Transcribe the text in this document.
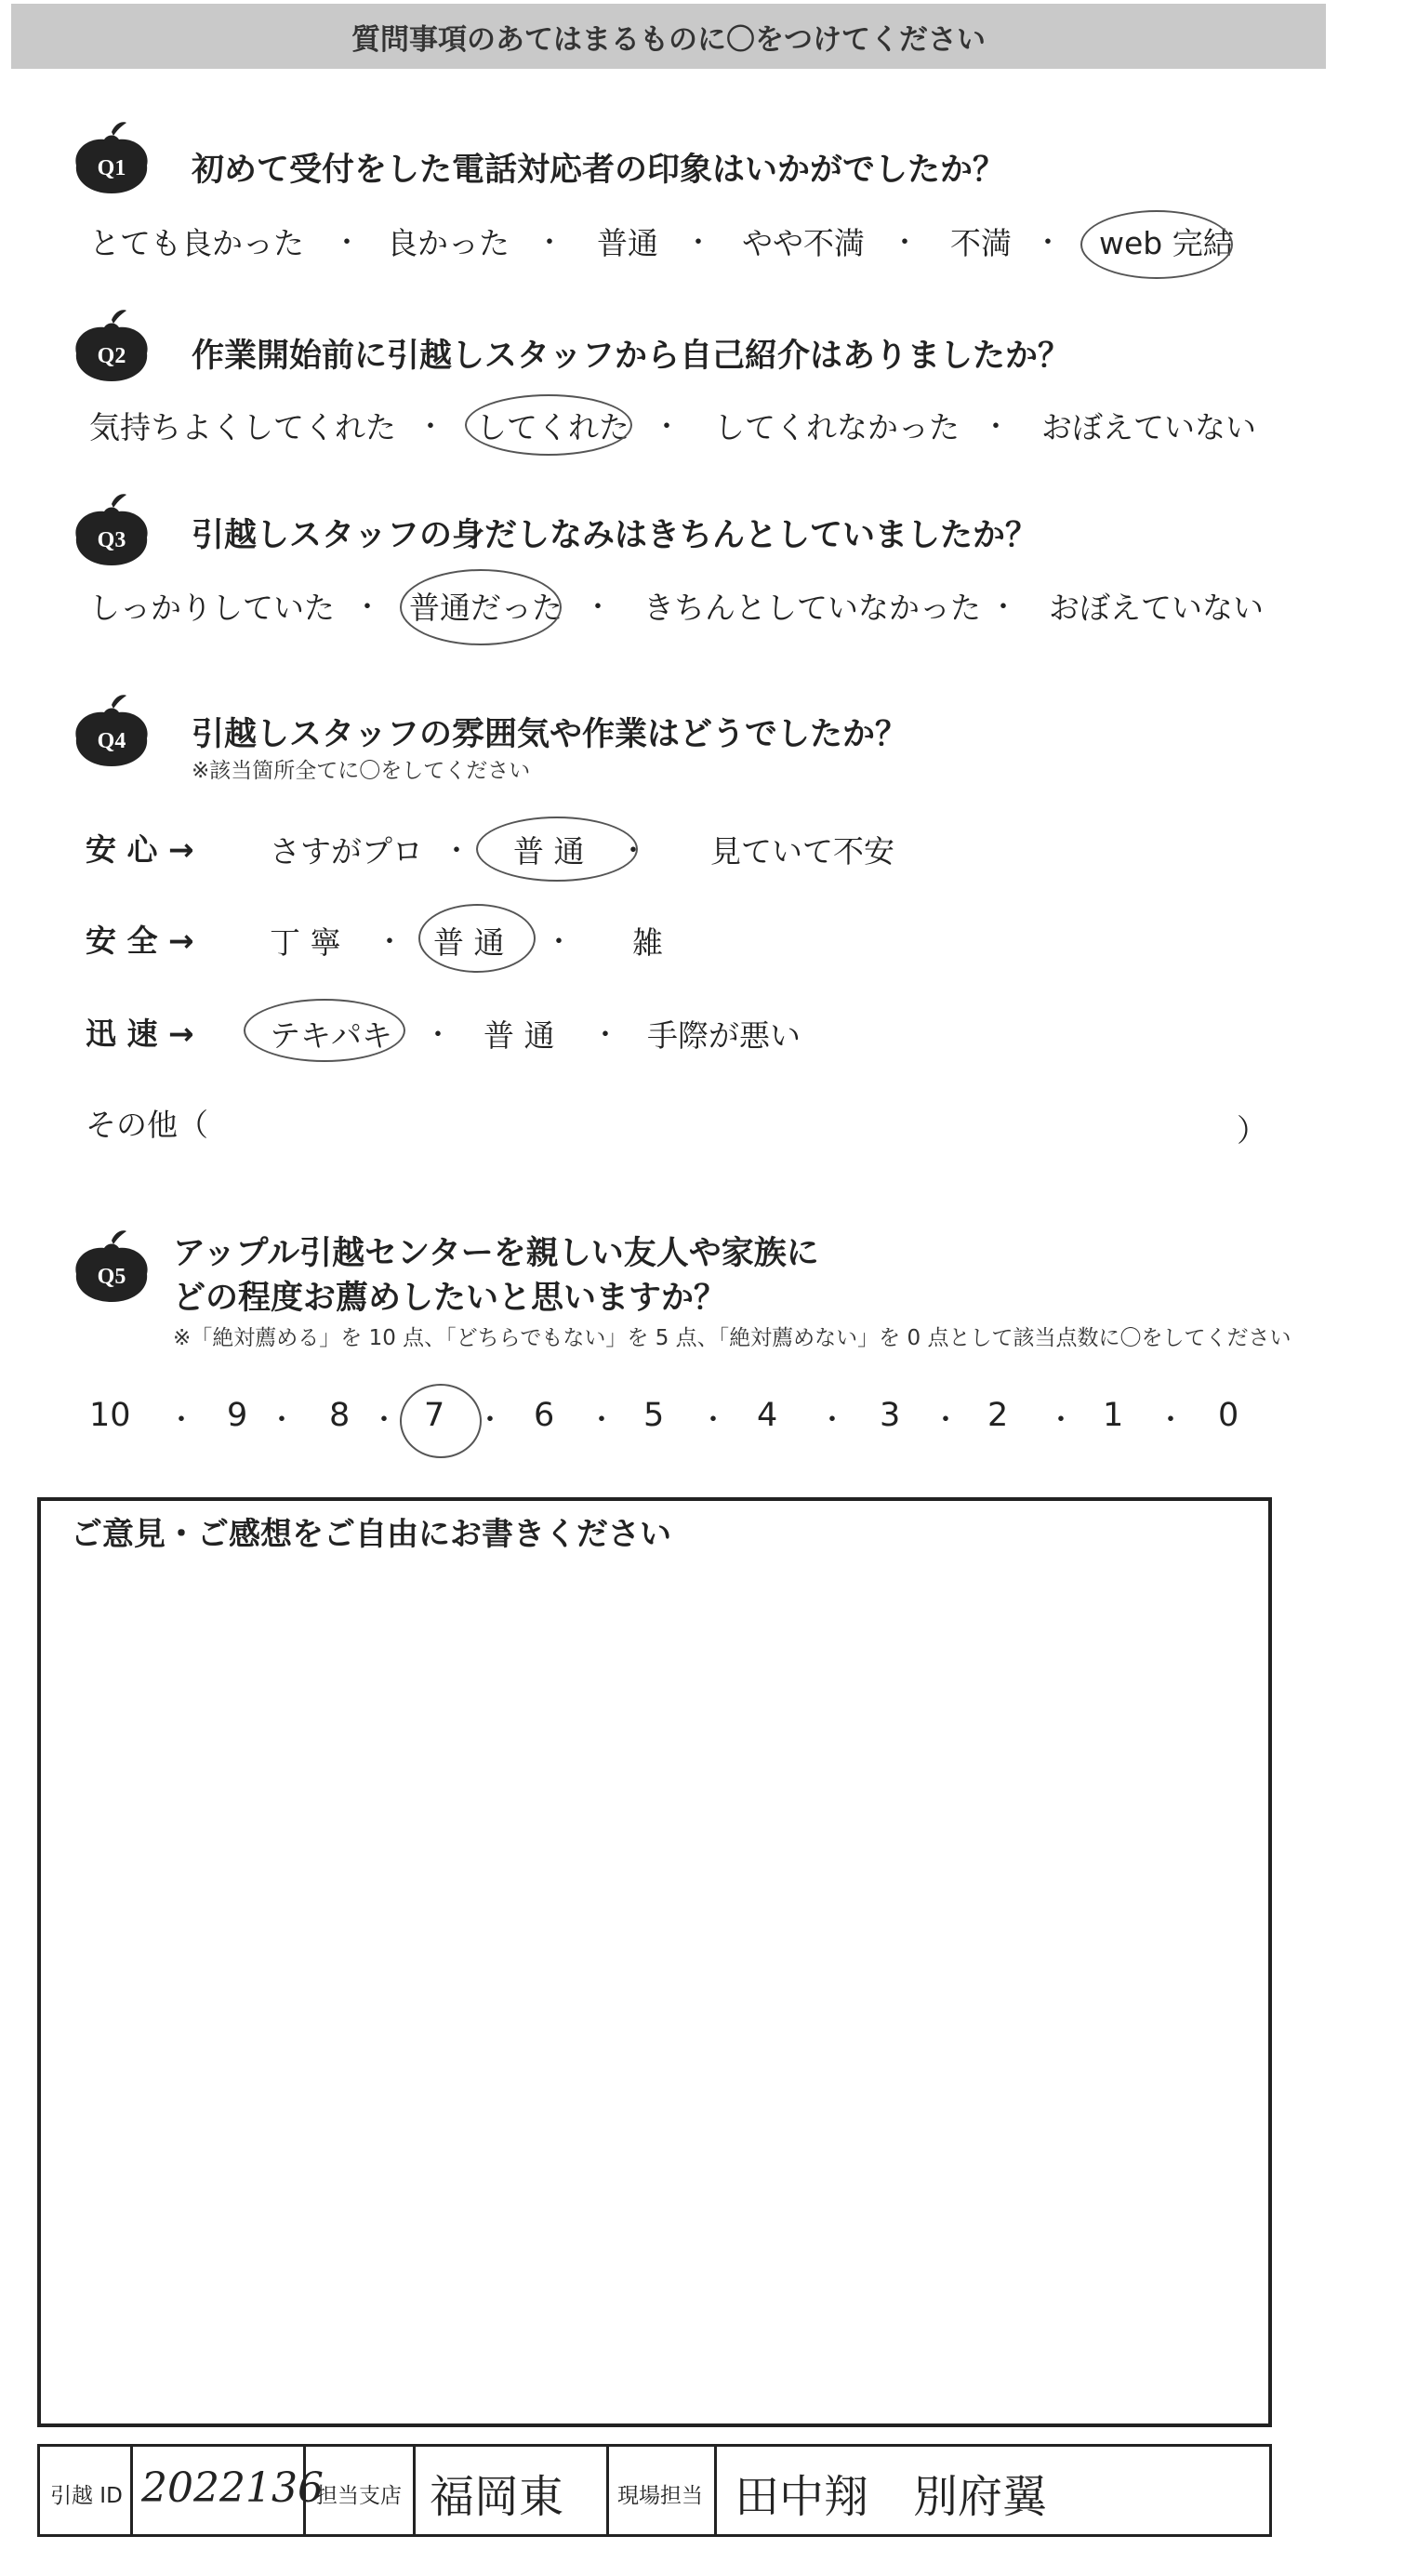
質問事項のあてはまるものに〇をつけてください
Q1 初めて受付をした電話対応者の印象はいかがでしたか？
とても良かった ・ 良かった ・ 普通 ・ やや不満 ・ 不満 ・ web 完結
Q2 作業開始前に引越しスタッフから自己紹介はありましたか？
気持ちよくしてくれた ・ してくれた ・ してくれなかった ・ おぼえていない
Q3 引越しスタッフの身だしなみはきちんとしていましたか？
しっかりしていた ・ 普通だった ・ きちんとしていなかった ・ おぼえていない
Q4 引越しスタッフの雰囲気や作業はどうでしたか？
※該当箇所全てに〇をしてください
安 心 → さすがプロ ・ 普 通 ・ 見ていて不安
安 全 → 丁 寧 ・ 普 通 ・ 雑
迅 速 → テキパキ ・ 普 通 ・ 手際が悪い
その他（	）
Q5
アップル引越センターを親しい友人や家族に
どの程度お薦めしたいと思いますか？
※「絶対薦める」を 10 点、「どちらでもない」を 5 点、「絶対薦めない」を 0 点として該当点数に〇をしてください
10 ・ 9 ・ 8 ・ 7 ・ 6 ・ 5 ・ 4 ・ 3 ・ 2 ・ 1 ・ 0
ご意見・ご感想をご自由にお書きください
引越 ID 2022136
担当支店 福岡東	現場担当 田中翔　別府翼
